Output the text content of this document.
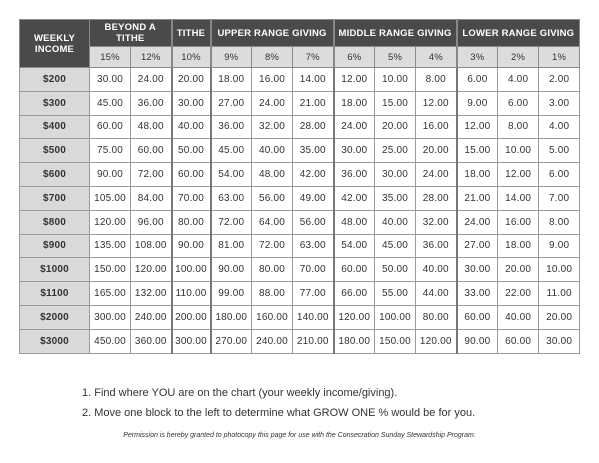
WEEKLY INCOME	BEYOND A TITHE		TITHE	UPPER RANGE GIVING			MIDDLE RANGE GIVING			LOWER RANGE GIVING		
	15%	12%	10%	9%	8%	7%	6%	5%	4%	3%	2%	1%
$200	30.00	24.00	20.00	18.00	16.00	14.00	12.00	10.00	8.00	6.00	4.00	2.00
$300	45.00	36.00	30.00	27.00	24.00	21.00	18.00	15.00	12.00	9.00	6.00	3.00
$400	60.00	48.00	40.00	36.00	32.00	28.00	24.00	20.00	16.00	12.00	8.00	4.00
$500	75.00	60.00	50.00	45.00	40.00	35.00	30.00	25.00	20.00	15.00	10.00	5.00
$600	90.00	72.00	60.00	54.00	48.00	42.00	36.00	30.00	24.00	18.00	12.00	6.00
$700	105.00	84.00	70.00	63.00	56.00	49.00	42.00	35.00	28.00	21.00	14.00	7.00
$800	120.00	96.00	80.00	72.00	64.00	56.00	48.00	40.00	32.00	24.00	16.00	8.00
$900	135.00	108.00	90.00	81.00	72.00	63.00	54.00	45.00	36.00	27.00	18.00	9.00
$1000	150.00	120.00	100.00	90.00	80.00	70.00	60.00	50.00	40.00	30.00	20.00	10.00
$1100	165.00	132.00	110.00	99.00	88.00	77.00	66.00	55.00	44.00	33.00	22.00	11.00
$2000	300.00	240.00	200.00	180.00	160.00	140.00	120.00	100.00	80.00	60.00	40.00	20.00
$3000	450.00	360.00	300.00	270.00	240.00	210.00	180.00	150.00	120.00	90.00	60.00	30.00
1. Find where YOU are on the chart (your weekly income/giving).
2. Move one block to the left to determine what GROW ONE % would be for you.
Permission is hereby granted to photocopy this page for use with the Consecration Sunday Stewardship Program.
